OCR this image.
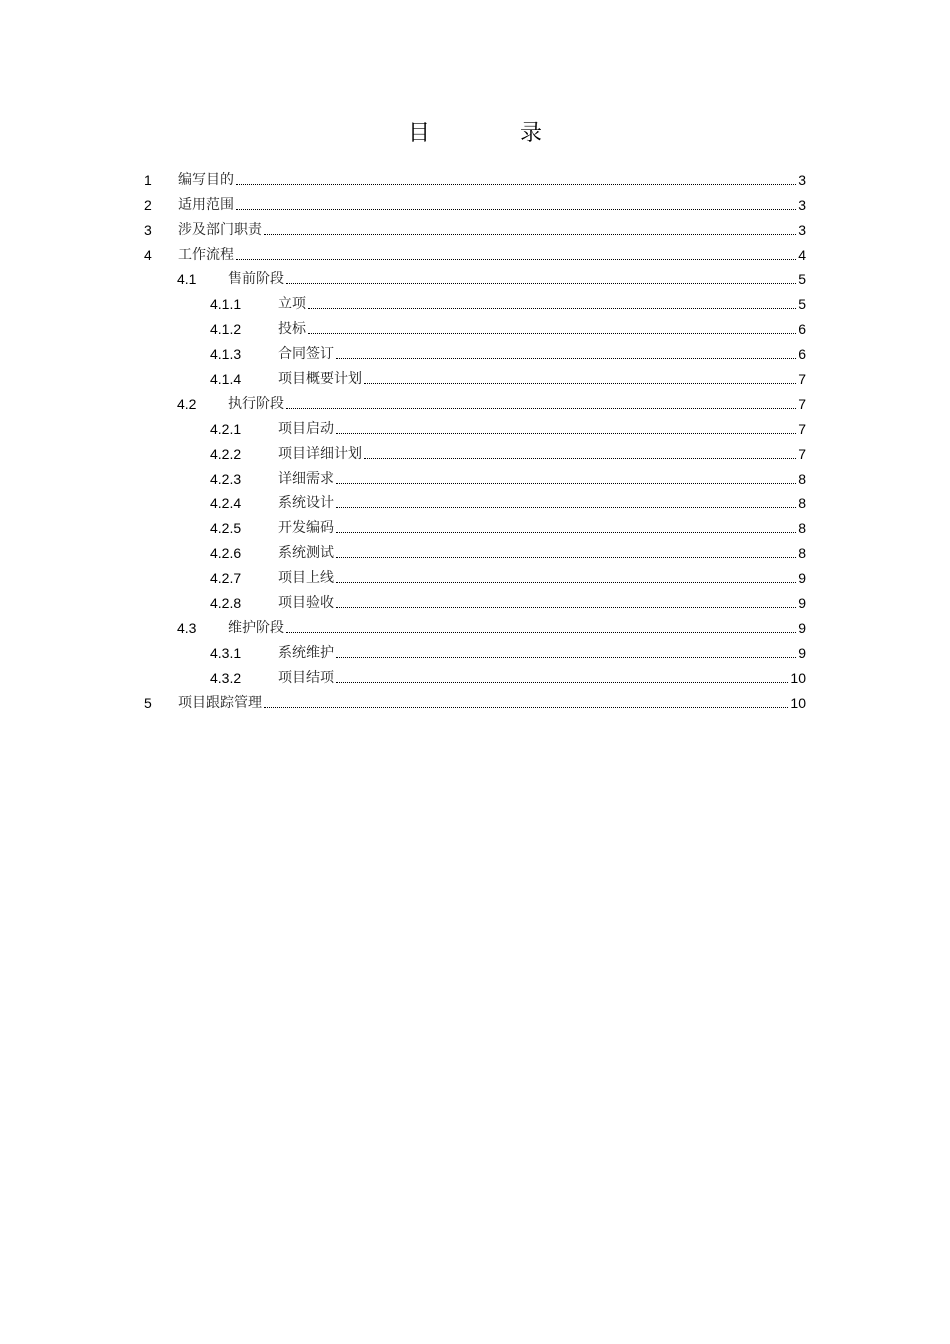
目　录
1	编写目的	3
2	适用范围	3
3	涉及部门职责	3
4	工作流程	4
4.1	售前阶段	5
4.1.1	立项	5
4.1.2	投标	6
4.1.3	合同签订	6
4.1.4	项目概要计划	7
4.2	执行阶段	7
4.2.1	项目启动	7
4.2.2	项目详细计划	7
4.2.3	详细需求	8
4.2.4	系统设计	8
4.2.5	开发编码	8
4.2.6	系统测试	8
4.2.7	项目上线	9
4.2.8	项目验收	9
4.3	维护阶段	9
4.3.1	系统维护	9
4.3.2	项目结项	10
5	项目跟踪管理	10
